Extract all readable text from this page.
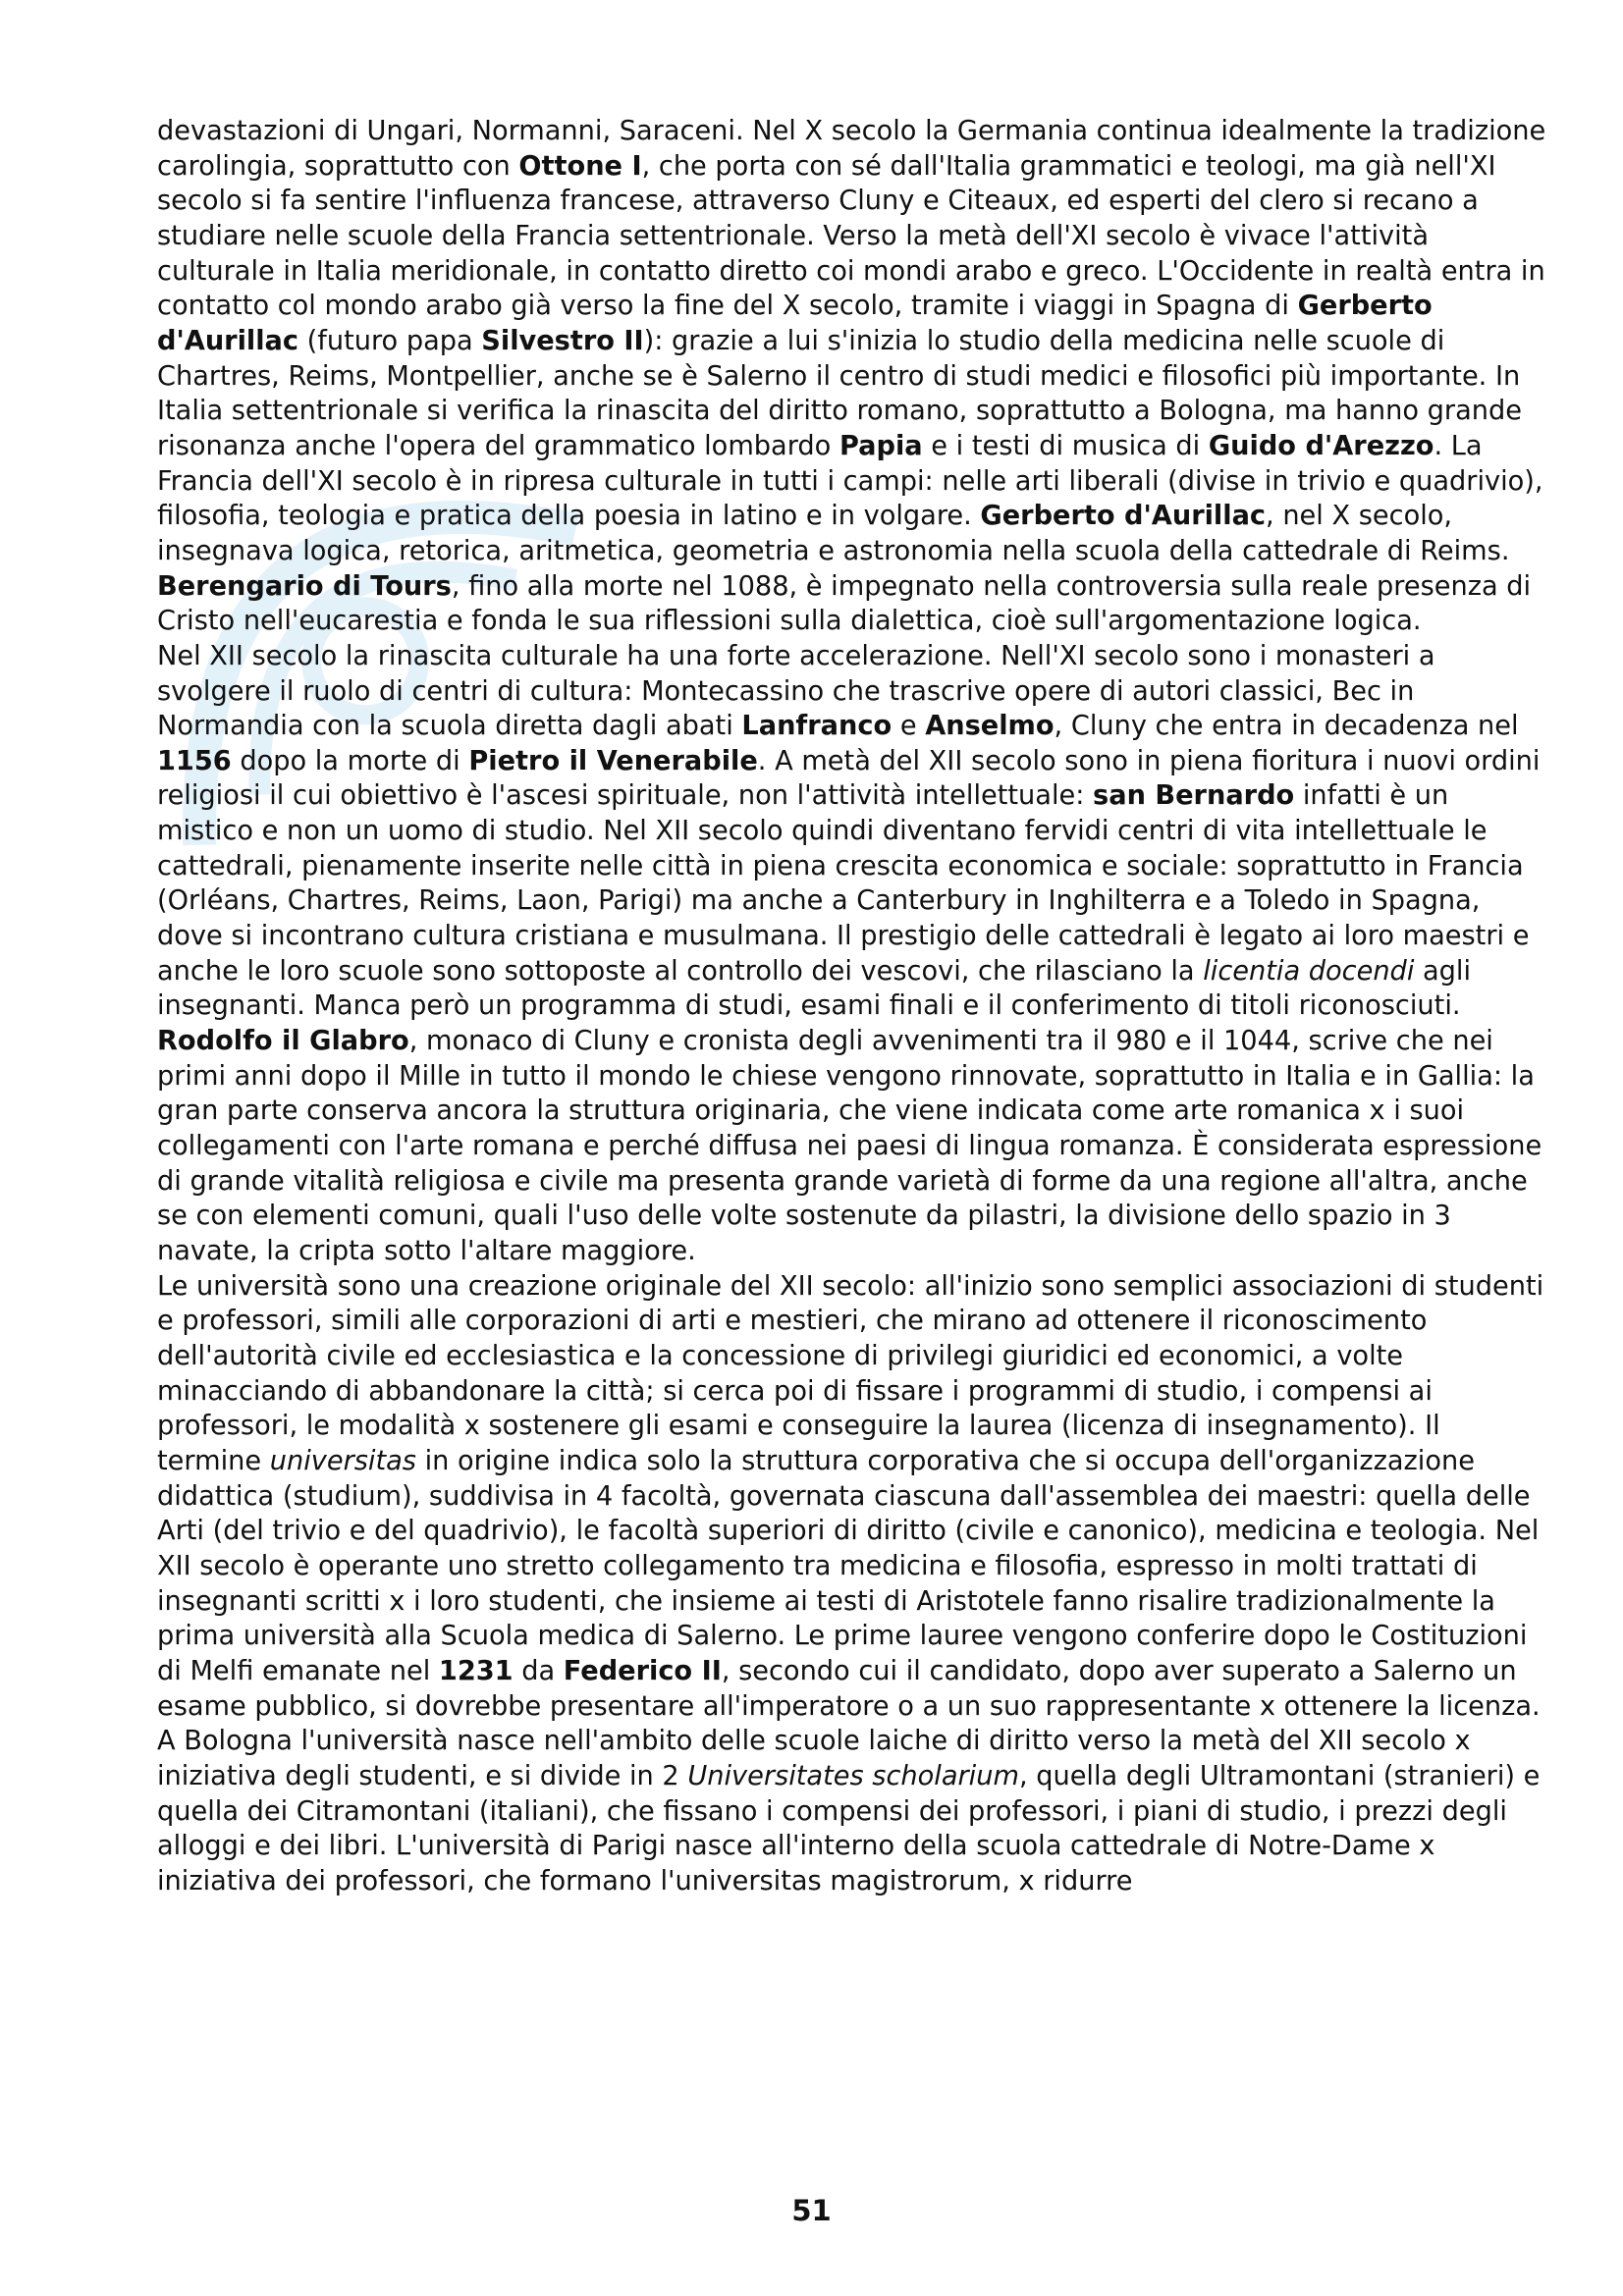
devastazioni di Ungari, Normanni, Saraceni. Nel X secolo la Germania continua idealmente la tradizione carolingia, soprattutto con Ottone I, che porta con sé dall'Italia grammatici e teologi, ma già nell'XI secolo si fa sentire l'influenza francese, attraverso Cluny e Citeaux, ed esperti del clero si recano a studiare nelle scuole della Francia settentrionale. Verso la metà dell'XI secolo è vivace l'attività culturale in Italia meridionale, in contatto diretto coi mondi arabo e greco. L'Occidente in realtà entra in contatto col mondo arabo già verso la fine del X secolo, tramite i viaggi in Spagna di Gerberto d'Aurillac (futuro papa Silvestro II): grazie a lui s'inizia lo studio della medicina nelle scuole di Chartres, Reims, Montpellier, anche se è Salerno il centro di studi medici e filosofici più importante. In Italia settentrionale si verifica la rinascita del diritto romano, soprattutto a Bologna, ma hanno grande risonanza anche l'opera del grammatico lombardo Papia e i testi di musica di Guido d'Arezzo. La Francia dell'XI secolo è in ripresa culturale in tutti i campi: nelle arti liberali (divise in trivio e quadrivio), filosofia, teologia e pratica della poesia in latino e in volgare. Gerberto d'Aurillac, nel X secolo, insegnava logica, retorica, aritmetica, geometria e astronomia nella scuola della cattedrale di Reims. Berengario di Tours, fino alla morte nel 1088, è impegnato nella controversia sulla reale presenza di Cristo nell'eucarestia e fonda le sua riflessioni sulla dialettica, cioè sull'argomentazione logica.

Nel XII secolo la rinascita culturale ha una forte accelerazione. Nell'XI secolo sono i monasteri a svolgere il ruolo di centri di cultura: Montecassino che trascrive opere di autori classici, Bec in Normandia con la scuola diretta dagli abati Lanfranco e Anselmo, Cluny che entra in decadenza nel 1156 dopo la morte di Pietro il Venerabile. A metà del XII secolo sono in piena fioritura i nuovi ordini religiosi il cui obiettivo è l'ascesi spirituale, non l'attività intellettuale: san Bernardo infatti è un mistico e non un uomo di studio. Nel XII secolo quindi diventano fervidi centri di vita intellettuale le cattedrali, pienamente inserite nelle città in piena crescita economica e sociale: soprattutto in Francia (Orléans, Chartres, Reims, Laon, Parigi) ma anche a Canterbury in Inghilterra e a Toledo in Spagna, dove si incontrano cultura cristiana e musulmana. Il prestigio delle cattedrali è legato ai loro maestri e anche le loro scuole sono sottoposte al controllo dei vescovi, che rilasciano la licentia docendi agli insegnanti. Manca però un programma di studi, esami finali e il conferimento di titoli riconosciuti.

Rodolfo il Glabro, monaco di Cluny e cronista degli avvenimenti tra il 980 e il 1044, scrive che nei primi anni dopo il Mille in tutto il mondo le chiese vengono rinnovate, soprattutto in Italia e in Gallia: la gran parte conserva ancora la struttura originaria, che viene indicata come arte romanica x i suoi collegamenti con l'arte romana e perché diffusa nei paesi di lingua romanza. È considerata espressione di grande vitalità religiosa e civile ma presenta grande varietà di forme da una regione all'altra, anche se con elementi comuni, quali l'uso delle volte sostenute da pilastri, la divisione dello spazio in 3 navate, la cripta sotto l'altare maggiore.

Le università sono una creazione originale del XII secolo: all'inizio sono semplici associazioni di studenti e professori, simili alle corporazioni di arti e mestieri, che mirano ad ottenere il riconoscimento dell'autorità civile ed ecclesiastica e la concessione di privilegi giuridici ed economici, a volte minacciando di abbandonare la città; si cerca poi di fissare i programmi di studio, i compensi ai professori, le modalità x sostenere gli esami e conseguire la laurea (licenza di insegnamento). Il termine universitas in origine indica solo la struttura corporativa che si occupa dell'organizzazione didattica (studium), suddivisa in 4 facoltà, governata ciascuna dall'assemblea dei maestri: quella delle Arti (del trivio e del quadrivio), le facoltà superiori di diritto (civile e canonico), medicina e teologia. Nel XII secolo è operante uno stretto collegamento tra medicina e filosofia, espresso in molti trattati di insegnanti scritti x i loro studenti, che insieme ai testi di Aristotele fanno risalire tradizionalmente la prima università alla Scuola medica di Salerno. Le prime lauree vengono conferire dopo le Costituzioni di Melfi emanate nel 1231 da Federico II, secondo cui il candidato, dopo aver superato a Salerno un esame pubblico, si dovrebbe presentare all'imperatore o a un suo rappresentante x ottenere la licenza. A Bologna l'università nasce nell'ambito delle scuole laiche di diritto verso la metà del XII secolo x iniziativa degli studenti, e si divide in 2 Universitates scholarium, quella degli Ultramontani (stranieri) e quella dei Citramontani (italiani), che fissano i compensi dei professori, i piani di studio, i prezzi degli alloggi e dei libri. L'università di Parigi nasce all'interno della scuola cattedrale di Notre-Dame x iniziativa dei professori, che formano l'universitas magistrorum, x ridurre

51
